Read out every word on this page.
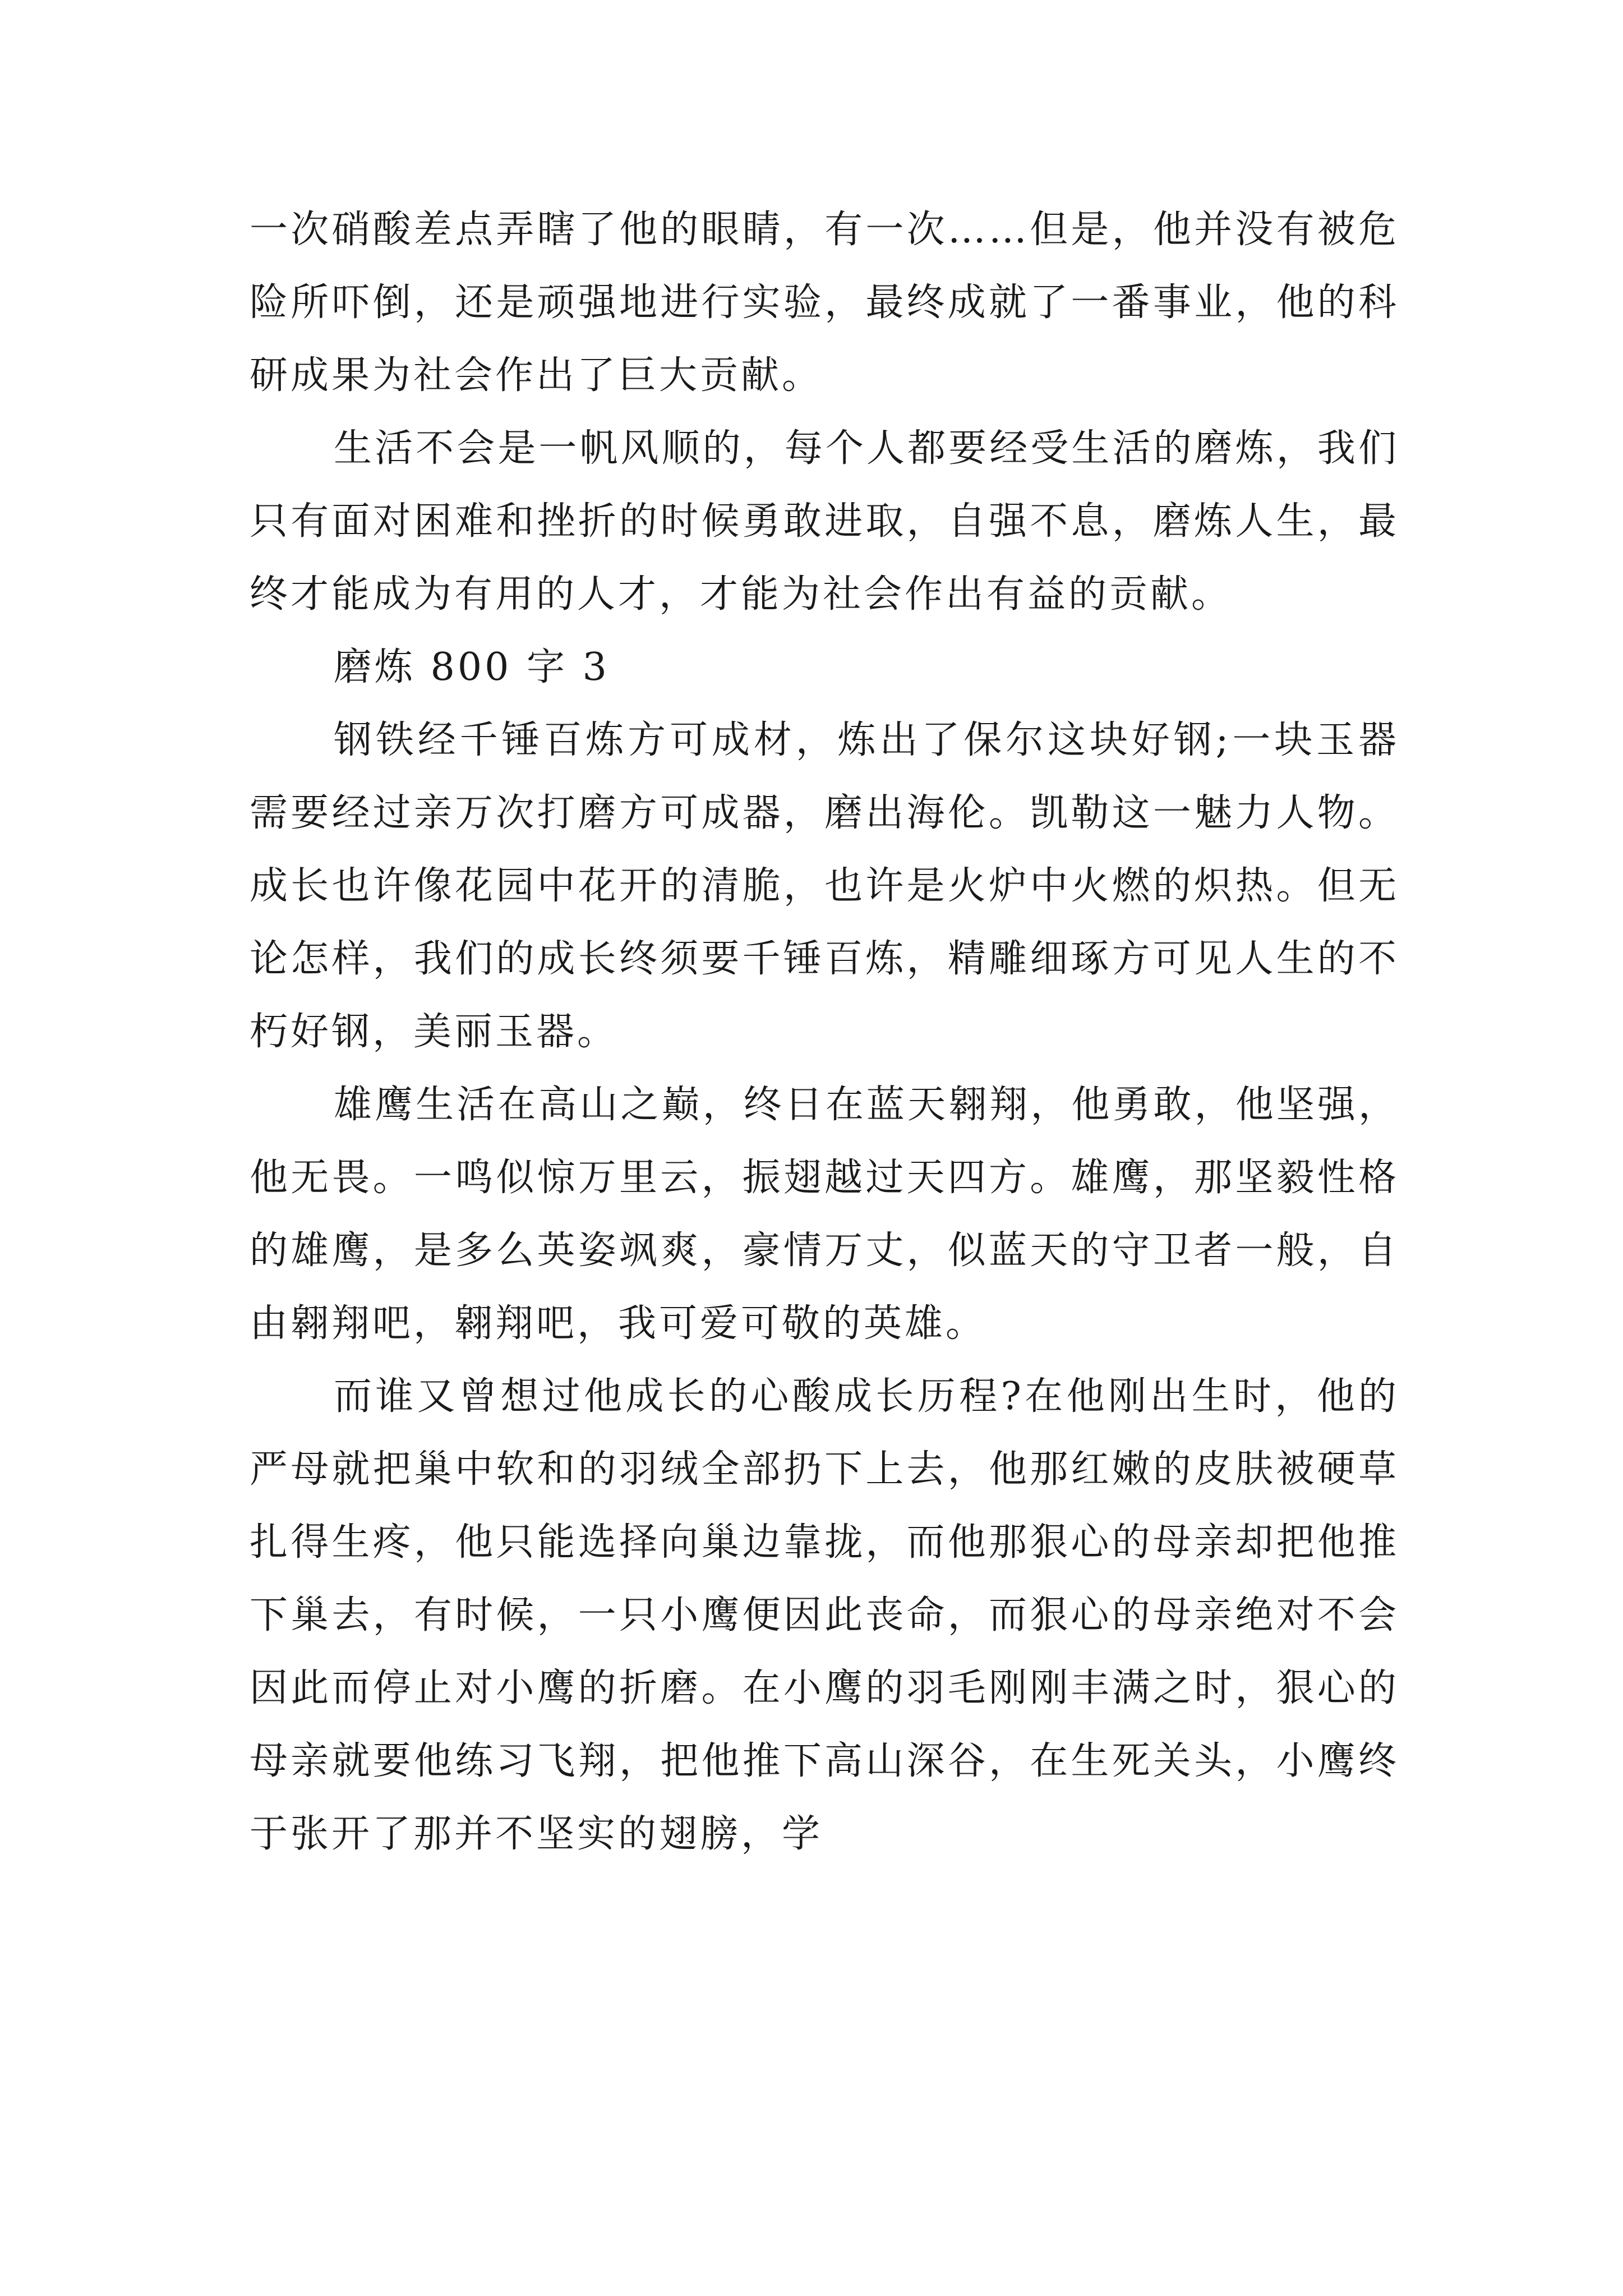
一次硝酸差点弄瞎了他的眼睛，有一次……但是，他并没有被危险所吓倒，还是顽强地进行实验，最终成就了一番事业，他的科研成果为社会作出了巨大贡献。

生活不会是一帆风顺的，每个人都要经受生活的磨炼，我们只有面对困难和挫折的时候勇敢进取，自强不息，磨炼人生，最终才能成为有用的人才，才能为社会作出有益的贡献。

磨炼 800 字 3

钢铁经千锤百炼方可成材，炼出了保尔这块好钢;一块玉器需要经过亲万次打磨方可成器，磨出海伦。凯勒这一魅力人物。成长也许像花园中花开的清脆，也许是火炉中火燃的炽热。但无论怎样，我们的成长终须要千锤百炼，精雕细琢方可见人生的不朽好钢，美丽玉器。

雄鹰生活在高山之巅，终日在蓝天翱翔，他勇敢，他坚强，他无畏。一鸣似惊万里云，振翅越过天四方。雄鹰，那坚毅性格的雄鹰，是多么英姿飒爽，豪情万丈，似蓝天的守卫者一般，自由翱翔吧，翱翔吧，我可爱可敬的英雄。

而谁又曾想过他成长的心酸成长历程?在他刚出生时，他的严母就把巢中软和的羽绒全部扔下上去，他那红嫩的皮肤被硬草扎得生疼，他只能选择向巢边靠拢，而他那狠心的母亲却把他推下巢去，有时候，一只小鹰便因此丧命，而狠心的母亲绝对不会因此而停止对小鹰的折磨。在小鹰的羽毛刚刚丰满之时，狠心的母亲就要他练习飞翔，把他推下高山深谷，在生死关头，小鹰终于张开了那并不坚实的翅膀，学
